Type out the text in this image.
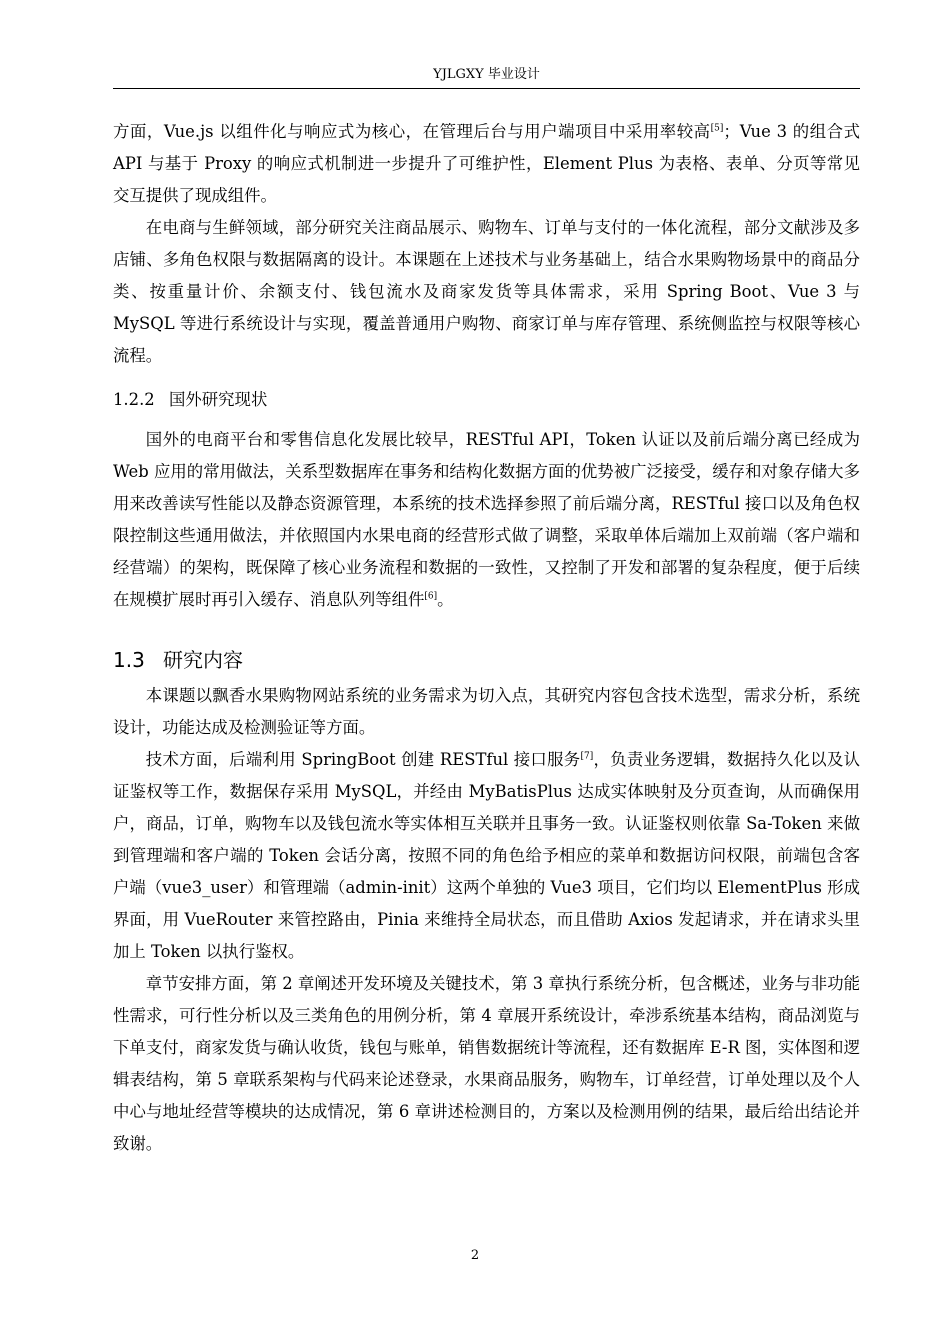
YJLGXY 毕业设计

方面，Vue.js 以组件化与响应式为核心，在管理后台与用户端项目中采用率较高[5]；Vue 3 的组合式 API 与基于 Proxy 的响应式机制进一步提升了可维护性，Element Plus 为表格、表单、分页等常见交互提供了现成组件。

在电商与生鲜领域，部分研究关注商品展示、购物车、订单与支付的一体化流程，部分文献涉及多店铺、多角色权限与数据隔离的设计。本课题在上述技术与业务基础上，结合水果购物场景中的商品分类、按重量计价、余额支付、钱包流水及商家发货等具体需求，采用 Spring Boot、Vue 3 与 MySQL 等进行系统设计与实现，覆盖普通用户购物、商家订单与库存管理、系统侧监控与权限等核心流程。

1.2.2 国外研究现状

国外的电商平台和零售信息化发展比较早，RESTful API，Token 认证以及前后端分离已经成为 Web 应用的常用做法，关系型数据库在事务和结构化数据方面的优势被广泛接受，缓存和对象存储大多用来改善读写性能以及静态资源管理，本系统的技术选择参照了前后端分离，RESTful 接口以及角色权限控制这些通用做法，并依照国内水果电商的经营形式做了调整，采取单体后端加上双前端（客户端和经营端）的架构，既保障了核心业务流程和数据的一致性，又控制了开发和部署的复杂程度，便于后续在规模扩展时再引入缓存、消息队列等组件[6]。

1.3 研究内容

本课题以飘香水果购物网站系统的业务需求为切入点，其研究内容包含技术选型，需求分析，系统设计，功能达成及检测验证等方面。

技术方面，后端利用 SpringBoot 创建 RESTful 接口服务[7]，负责业务逻辑，数据持久化以及认证鉴权等工作，数据保存采用 MySQL，并经由 MyBatisPlus 达成实体映射及分页查询，从而确保用户，商品，订单，购物车以及钱包流水等实体相互关联并且事务一致。认证鉴权则依靠 Sa-Token 来做到管理端和客户端的 Token 会话分离，按照不同的角色给予相应的菜单和数据访问权限，前端包含客户端（vue3_user）和管理端（admin-init）这两个单独的 Vue3 项目，它们均以 ElementPlus 形成界面，用 VueRouter 来管控路由，Pinia 来维持全局状态，而且借助 Axios 发起请求，并在请求头里加上 Token 以执行鉴权。

章节安排方面，第 2 章阐述开发环境及关键技术，第 3 章执行系统分析，包含概述，业务与非功能性需求，可行性分析以及三类角色的用例分析，第 4 章展开系统设计，牵涉系统基本结构，商品浏览与下单支付，商家发货与确认收货，钱包与账单，销售数据统计等流程，还有数据库 E-R 图，实体图和逻辑表结构，第 5 章联系架构与代码来论述登录，水果商品服务，购物车，订单经营，订单处理以及个人中心与地址经营等模块的达成情况，第 6 章讲述检测目的，方案以及检测用例的结果，最后给出结论并致谢。

2
